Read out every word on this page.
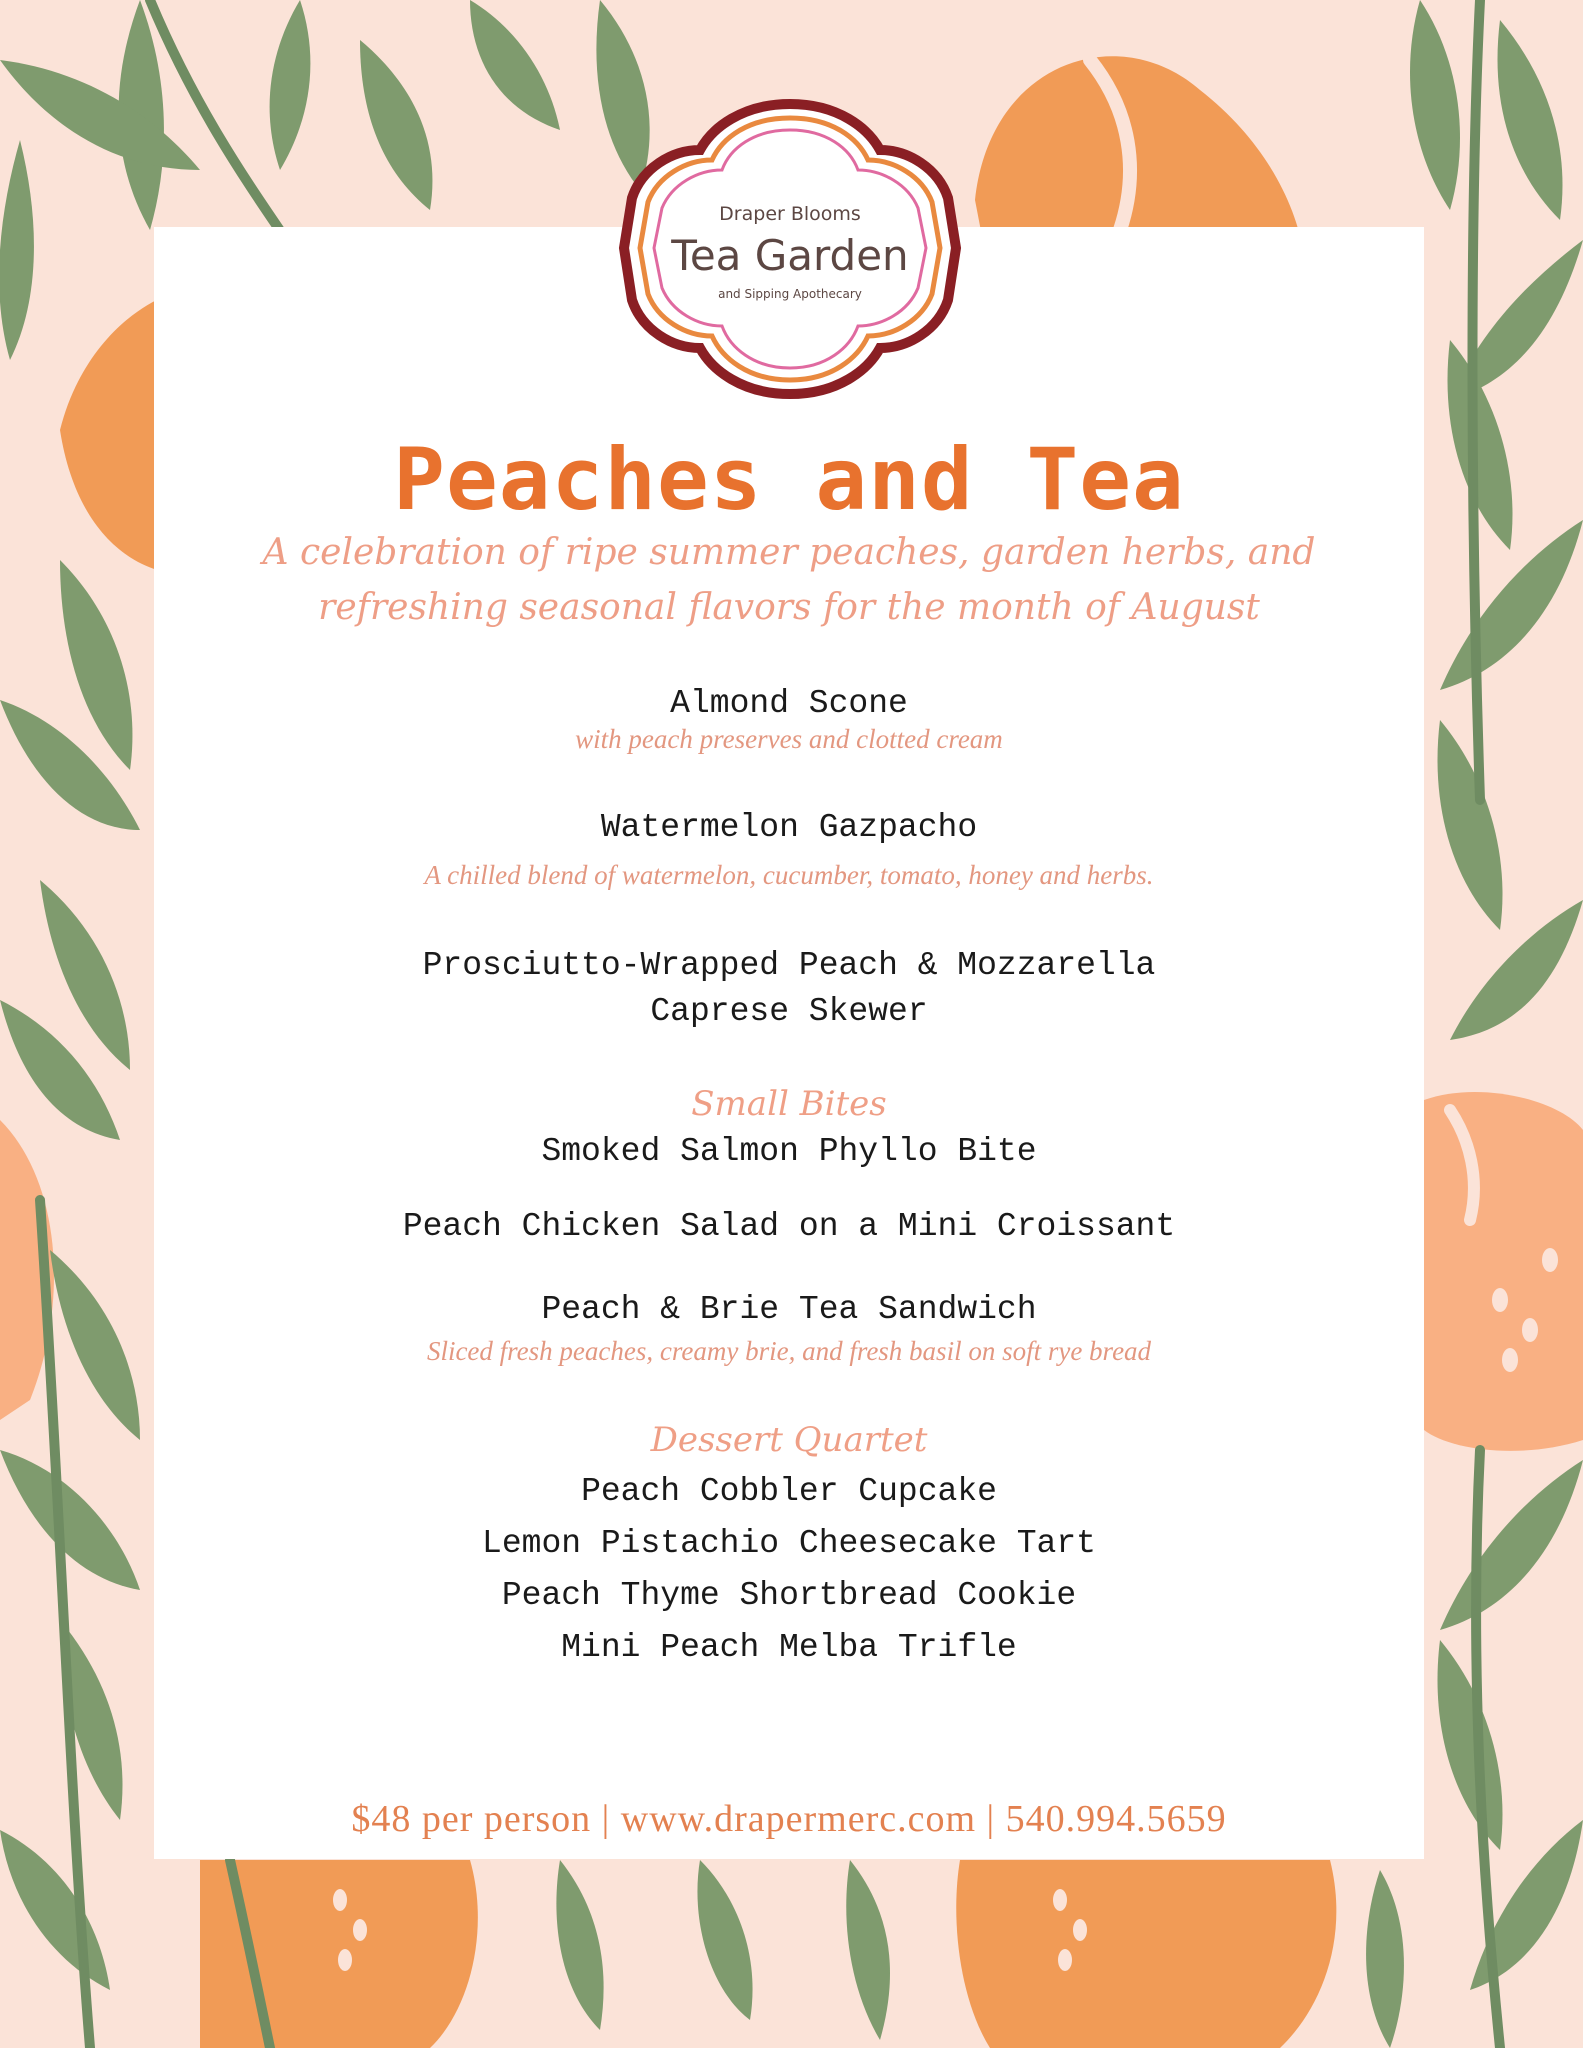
Draper Blooms
Tea Garden
and Sipping Apothecary
Peaches and Tea
A celebration of ripe summer peaches, garden herbs, and
refreshing seasonal flavors for the month of August
Almond Scone
with peach preserves and clotted cream
Watermelon Gazpacho
A chilled blend of watermelon, cucumber, tomato, honey and herbs.
Prosciutto-Wrapped Peach & Mozzarella
Caprese Skewer
Small Bites
Smoked Salmon Phyllo Bite
Peach Chicken Salad on a Mini Croissant
Peach & Brie Tea Sandwich
Sliced fresh peaches, creamy brie, and fresh basil on soft rye bread
Dessert Quartet
Peach Cobbler Cupcake
Lemon Pistachio Cheesecake Tart
Peach Thyme Shortbread Cookie
Mini Peach Melba Trifle
$48 per person | www.drapermerc.com | 540.994.5659
